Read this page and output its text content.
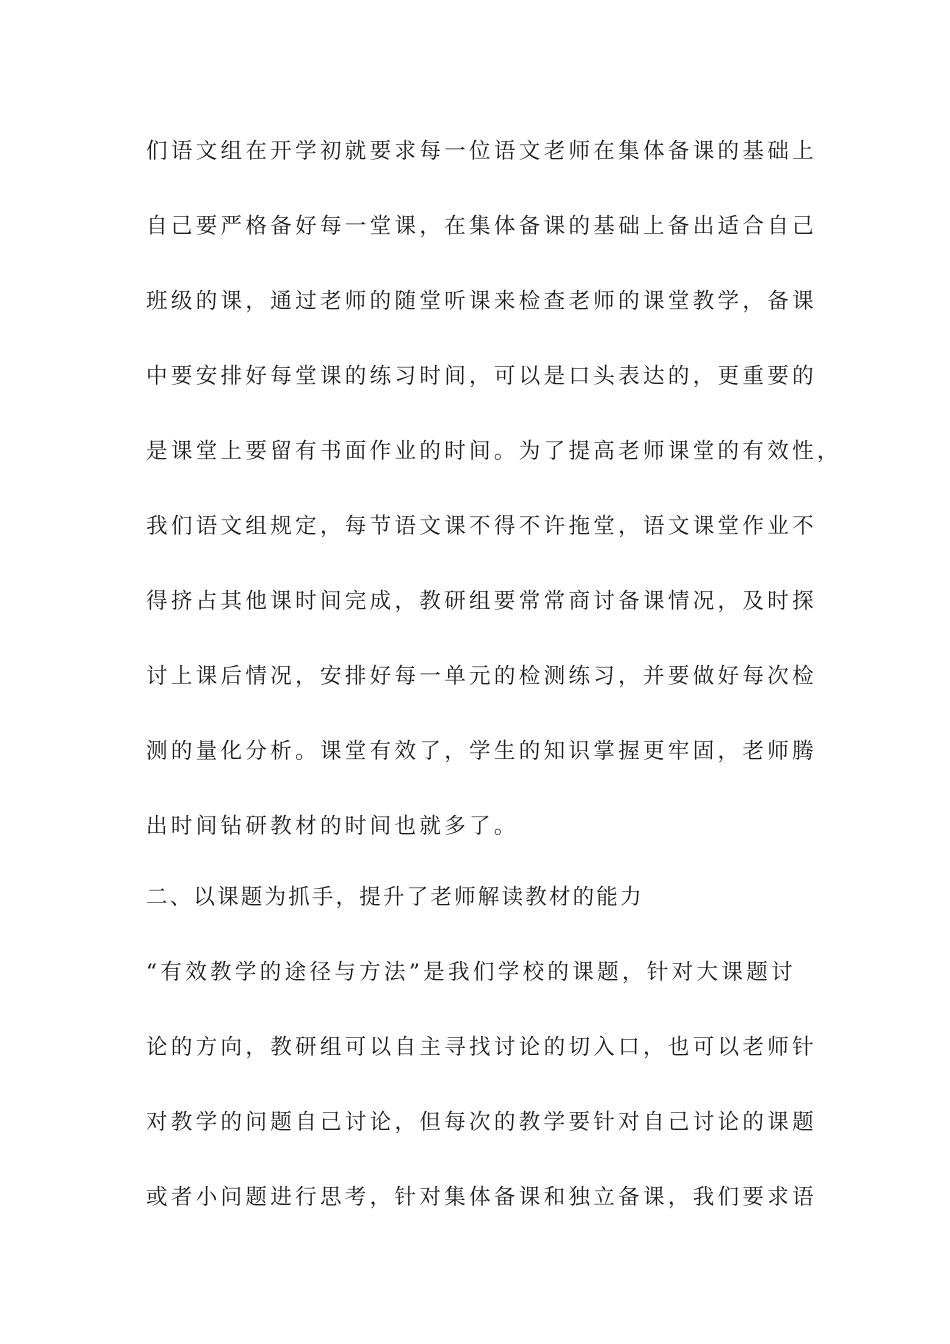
们语文组在开学初就要求每一位语文老师在集体备课的基础上
自己要严格备好每一堂课，在集体备课的基础上备出适合自己
班级的课，通过老师的随堂听课来检查老师的课堂教学，备课
中要安排好每堂课的练习时间，可以是口头表达的，更重要的
是课堂上要留有书面作业的时间。为了提高老师课堂的有效性，
我们语文组规定，每节语文课不得不许拖堂，语文课堂作业不
得挤占其他课时间完成，教研组要常常商讨备课情况，及时探
讨上课后情况，安排好每一单元的检测练习，并要做好每次检
测的量化分析。课堂有效了，学生的知识掌握更牢固，老师腾
出时间钻研教材的时间也就多了。
二、以课题为抓手，提升了老师解读教材的能力
“有效教学的途径与方法”是我们学校的课题，针对大课题讨
论的方向，教研组可以自主寻找讨论的切入口，也可以老师针
对教学的问题自己讨论，但每次的教学要针对自己讨论的课题
或者小问题进行思考，针对集体备课和独立备课，我们要求语
